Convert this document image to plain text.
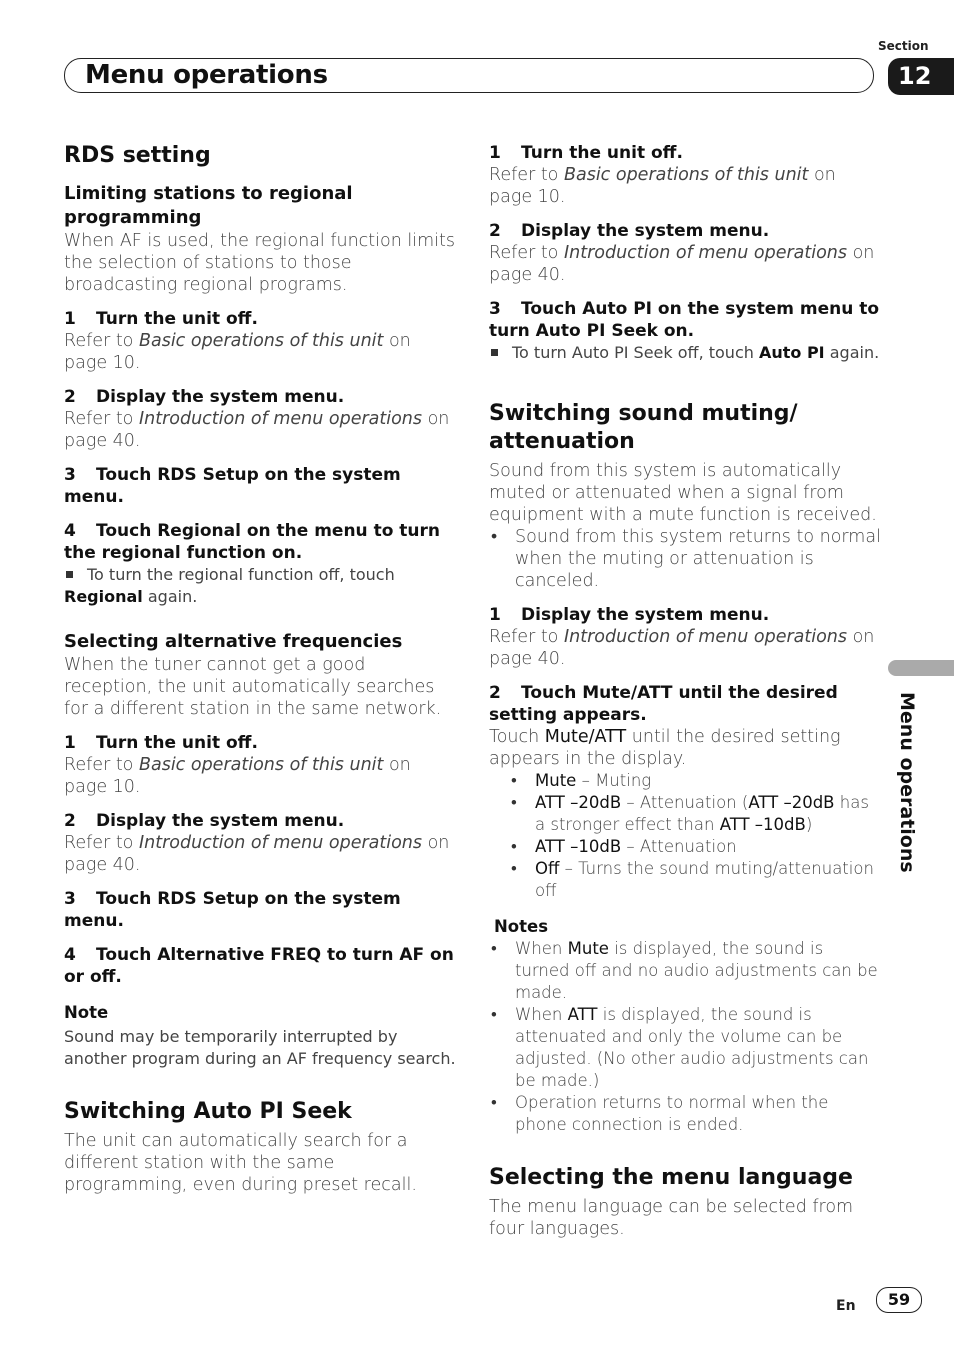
Section
Menu operations	12
Menu operations
RDS setting
Limiting stations to regional programming

When AF is used, the regional function limits the selection of stations to those broadcasting regional programs.

1 Turn the unit off.

Refer to Basic operations of this unit on page 10.

2 Display the system menu.

Refer to Introduction of menu operations on page 40.

3 Touch RDS Setup on the system menu.
4 Touch Regional on the menu to turn the regional function on.

To turn the regional function off, touch Regional again.

Selecting alternative frequencies

When the tuner cannot get a good reception, the unit automatically searches for a different station in the same network.

1 Turn the unit off.

Refer to Basic operations of this unit on page 10.

2 Display the system menu.

Refer to Introduction of menu operations on page 40.

3 Touch RDS Setup on the system menu.
4 Touch Alternative FREQ to turn AF on or off.
Note

Sound may be temporarily interrupted by another program during an AF frequency search.

Switching Auto PI Seek

The unit can automatically search for a different station with the same programming, even during preset recall.

1 Turn the unit off.

Refer to Basic operations of this unit on page 10.

2 Display the system menu.

Refer to Introduction of menu operations on page 40.

3 Touch Auto PI on the system menu to turn Auto PI Seek on.

To turn Auto PI Seek off, touch Auto PI again.

Switching sound muting/ attenuation

Sound from this system is automatically muted or attenuated when a signal from equipment with a mute function is received.

• Sound from this system returns to normal when the muting or attenuation is canceled.
1 Display the system menu.

Refer to Introduction of menu operations on page 40.

2 Touch Mute/ATT until the desired setting appears.

Touch Mute/ATT until the desired setting appears in the display.

• Mute – Muting
• ATT –20dB – Attenuation (ATT –20dB has a stronger effect than ATT –10dB)
• ATT –10dB – Attenuation
• Off – Turns the sound muting/attenuation off
Notes
• When Mute is displayed, the sound is turned off and no audio adjustments can be made.
• When ATT is displayed, the sound is attenuated and only the volume can be adjusted. (No other audio adjustments can be made.)
• Operation returns to normal when the phone connection is ended.
Selecting the menu language

The menu language can be selected from four languages.

En	59
